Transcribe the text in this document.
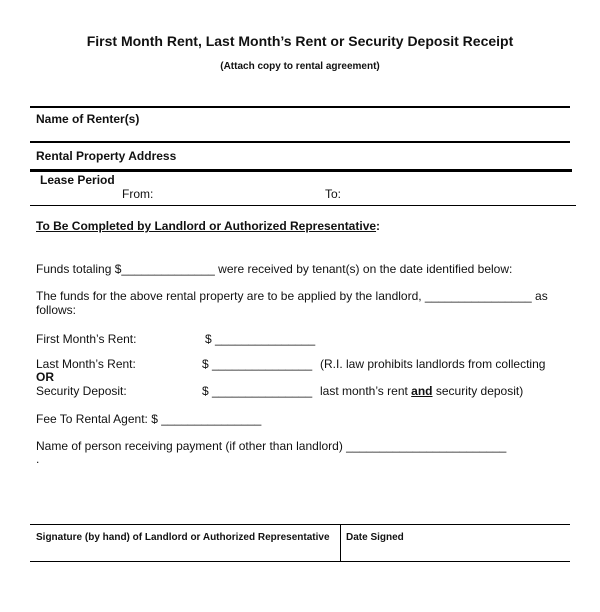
First Month Rent, Last Month’s Rent or Security Deposit Receipt
(Attach copy to rental agreement)
Name of Renter(s)
Rental Property Address
Lease Period
From:	To:
To Be Completed by Landlord or Authorized Representative:
Funds totaling $______________ were received by tenant(s) on the date identified below:
The funds for the above rental property are to be applied by the landlord, ________________ as
follows:
First Month’s Rent:	$ _______________
Last Month’s Rent:	$ _______________ (R.I. law prohibits landlords from collecting
OR
Security Deposit:	$ _______________ last month’s rent and security deposit)
Fee To Rental Agent: $ _______________
Name of person receiving payment (if other than landlord) ________________________
.
Signature (by hand) of Landlord or Authorized Representative Date Signed
